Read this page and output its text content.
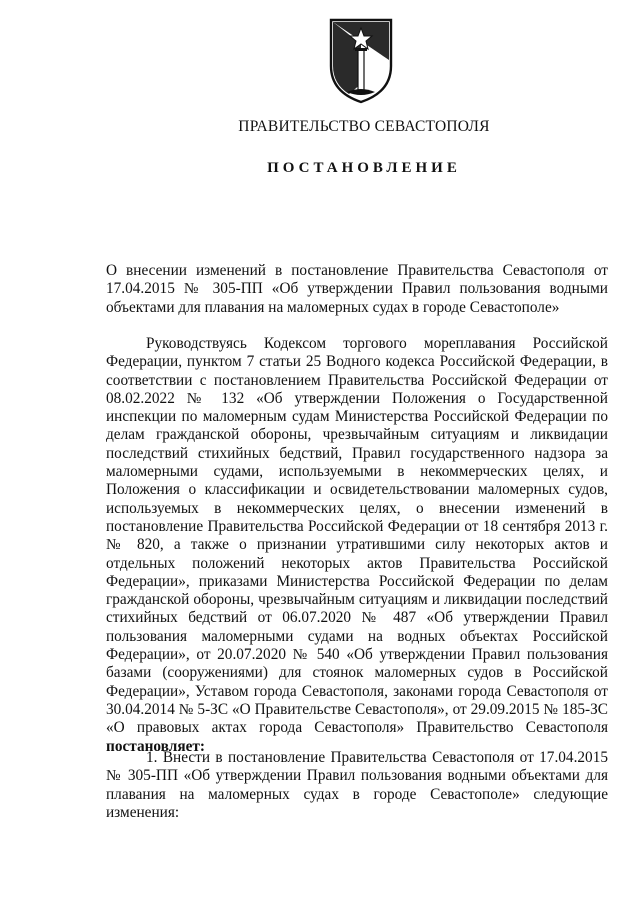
ПРАВИТЕЛЬСТВО СЕВАСТОПОЛЯ
ПОСТАНОВЛЕНИЕ

О внесении изменений в постановление Правительства Севастополя от 17.04.2015 № 305-ПП «Об утверждении Правил пользования водными объектами для плавания на маломерных судах в городе Севастополе»

Руководствуясь Кодексом торгового мореплавания Российской Федерации, пунктом 7 статьи 25 Водного кодекса Российской Федерации, в соответствии с постановлением Правительства Российской Федерации от 08.02.2022 № 132 «Об утверждении Положения о Государственной инспекции по маломерным судам Министерства Российской Федерации по делам гражданской обороны, чрезвычайным ситуациям и ликвидации последствий стихийных бедствий, Правил государственного надзора за маломерными судами, используемыми в некоммерческих целях, и Положения о классификации и освидетельствовании маломерных судов, используемых в некоммерческих целях, о внесении изменений в постановление Правительства Российской Федерации от 18 сентября 2013 г. № 820, а также о признании утратившими силу некоторых актов и отдельных положений некоторых актов Правительства Российской Федерации», приказами Министерства Российской Федерации по делам гражданской обороны, чрезвычайным ситуациям и ликвидации последствий стихийных бедствий от 06.07.2020 № 487 «Об утверждении Правил пользования маломерными судами на водных объектах Российской Федерации», от 20.07.2020 № 540 «Об утверждении Правил пользования базами (сооружениями) для стоянок маломерных судов в Российской Федерации», Уставом города Севастополя, законами города Севастополя от 30.04.2014 № 5-ЗС «О Правительстве Севастополя», от 29.09.2015 № 185-ЗС «О правовых актах города Севастополя» Правительство Севастополя постановляет:

1. Внести в постановление Правительства Севастополя от 17.04.2015 № 305-ПП «Об утверждении Правил пользования водными объектами для плавания на маломерных судах в городе Севастополе» следующие изменения:
